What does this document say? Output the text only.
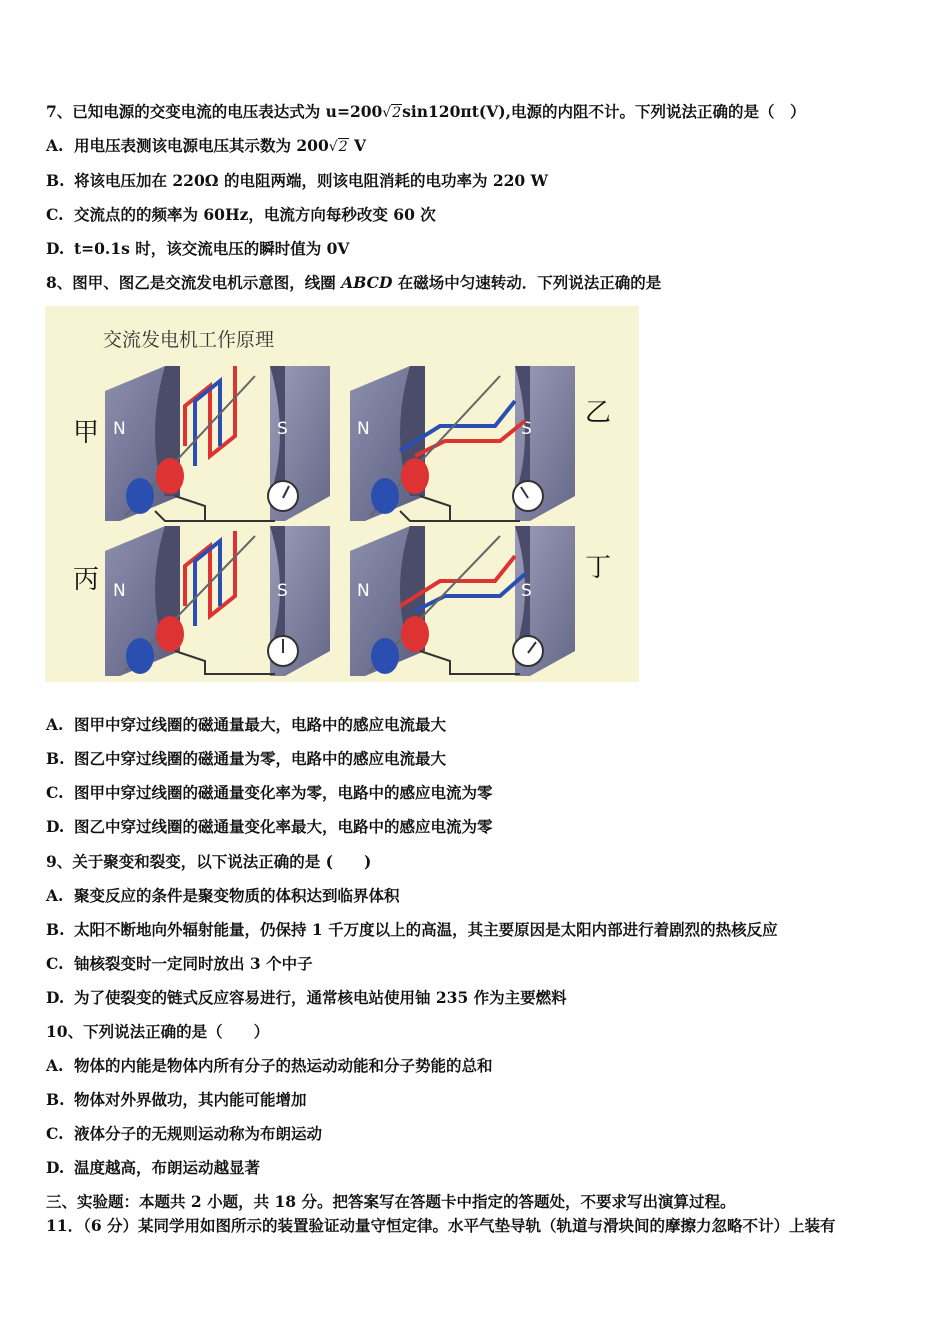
7、已知电源的交变电流的电压表达式为 u=200√2sin120πt(V),电源的内阻不计。下列说法正确的是（　）
A. 用电压表测该电源电压其示数为 200√2 V
B. 将该电压加在 220Ω 的电阻两端，则该电阻消耗的电功率为 220 W
C. 交流点的的频率为 60Hz，电流方向每秒改变 60 次
D. t=0.1s 时，该交流电压的瞬时值为 0V
8、图甲、图乙是交流发电机示意图，线圈 ABCD 在磁场中匀速转动．下列说法正确的是
交流发电机工作原理
甲 N	S
乙
N	S
丙 N	S
丁
N	S
A. 图甲中穿过线圈的磁通量最大，电路中的感应电流最大
B. 图乙中穿过线圈的磁通量为零，电路中的感应电流最大
C. 图甲中穿过线圈的磁通量变化率为零，电路中的感应电流为零
D. 图乙中穿过线圈的磁通量变化率最大，电路中的感应电流为零
9、关于聚变和裂变，以下说法正确的是 (　　)
A. 聚变反应的条件是聚变物质的体积达到临界体积
B. 太阳不断地向外辐射能量，仍保持 1 千万度以上的高温，其主要原因是太阳内部进行着剧烈的热核反应
C. 铀核裂变时一定同时放出 3 个中子
D. 为了使裂变的链式反应容易进行，通常核电站使用铀 235 作为主要燃料
10、下列说法正确的是（　　）
A. 物体的内能是物体内所有分子的热运动动能和分子势能的总和
B. 物体对外界做功，其内能可能增加
C. 液体分子的无规则运动称为布朗运动
D. 温度越高，布朗运动越显著
三、实验题：本题共 2 小题，共 18 分。把答案写在答题卡中指定的答题处，不要求写出演算过程。
11．（6 分）某同学用如图所示的装置验证动量守恒定律。水平气垫导轨（轨道与滑块间的摩擦力忽略不计）上装有
